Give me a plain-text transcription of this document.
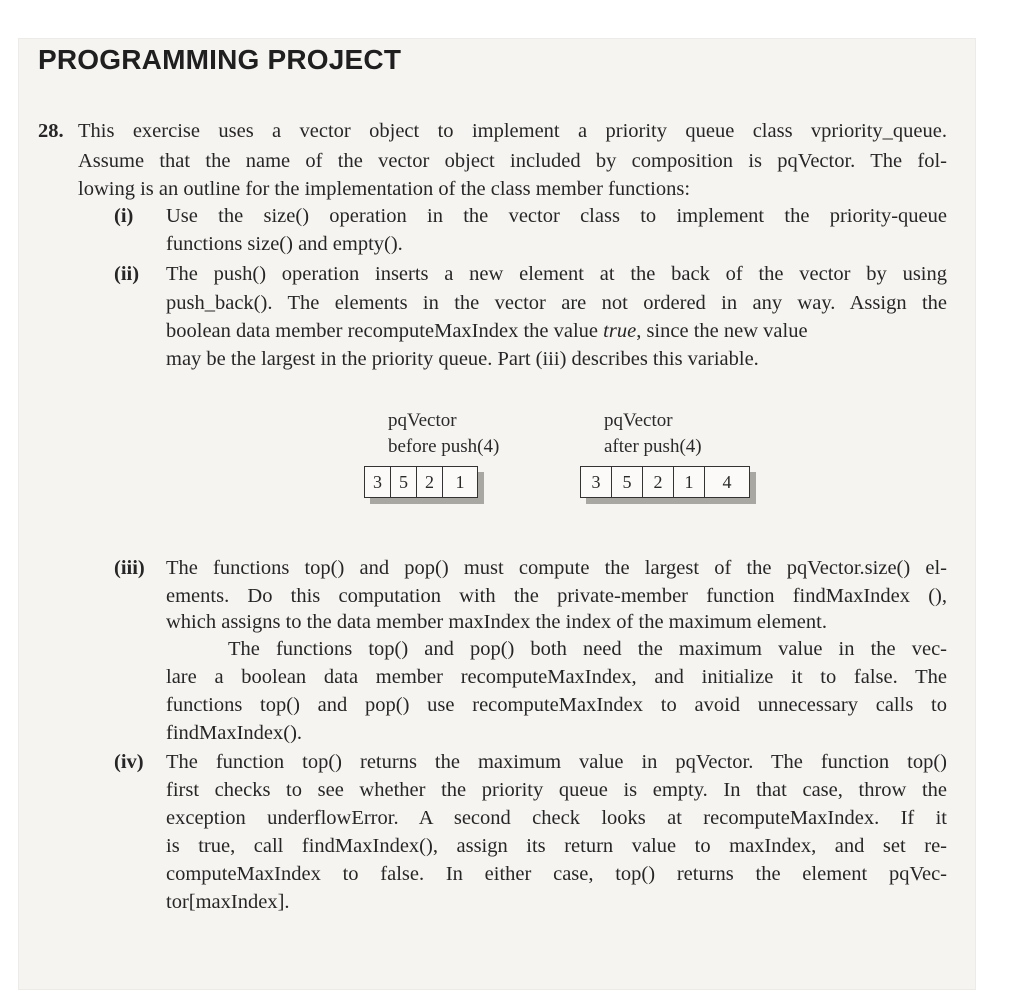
PROGRAMMING PROJECT
28. This exercise uses a vector object to implement a priority queue class vpriority_queue.
Assume that the name of the vector object included by composition is pqVector. The fol-
lowing is an outline for the implementation of the class member functions:
(i) Use the size() operation in the vector class to implement the priority-queue
functions size() and empty().
(ii) The push() operation inserts a new element at the back of the vector by using
push_back(). The elements in the vector are not ordered in any way. Assign the
boolean data member recomputeMaxIndex the value true , since the new value
may be the largest in the priority queue. Part (iii) describes this variable.
pqVector
before push(4)
3 5 2	1
pqVector
after push(4)
3	5	2	1	4
(iii) The functions top() and pop() must compute the largest of the pqVector.size() el-
ements. Do this computation with the private-member function findMaxIndex (),
which assigns to the data member maxIndex the index of the maximum element.
The functions top() and pop() both need the maximum value in the vec-
lare a boolean data member recomputeMaxIndex, and initialize it to false. The
functions top() and pop() use recomputeMaxIndex to avoid unnecessary calls to
findMaxIndex().
(iv) The function top() returns the maximum value in pqVector. The function top()
first checks to see whether the priority queue is empty. In that case, throw the
exception underflowError. A second check looks at recomputeMaxIndex. If it
is true, call findMaxIndex(), assign its return value to maxIndex, and set re-
computeMaxIndex to false. In either case, top() returns the element pqVec-
tor[maxIndex].
